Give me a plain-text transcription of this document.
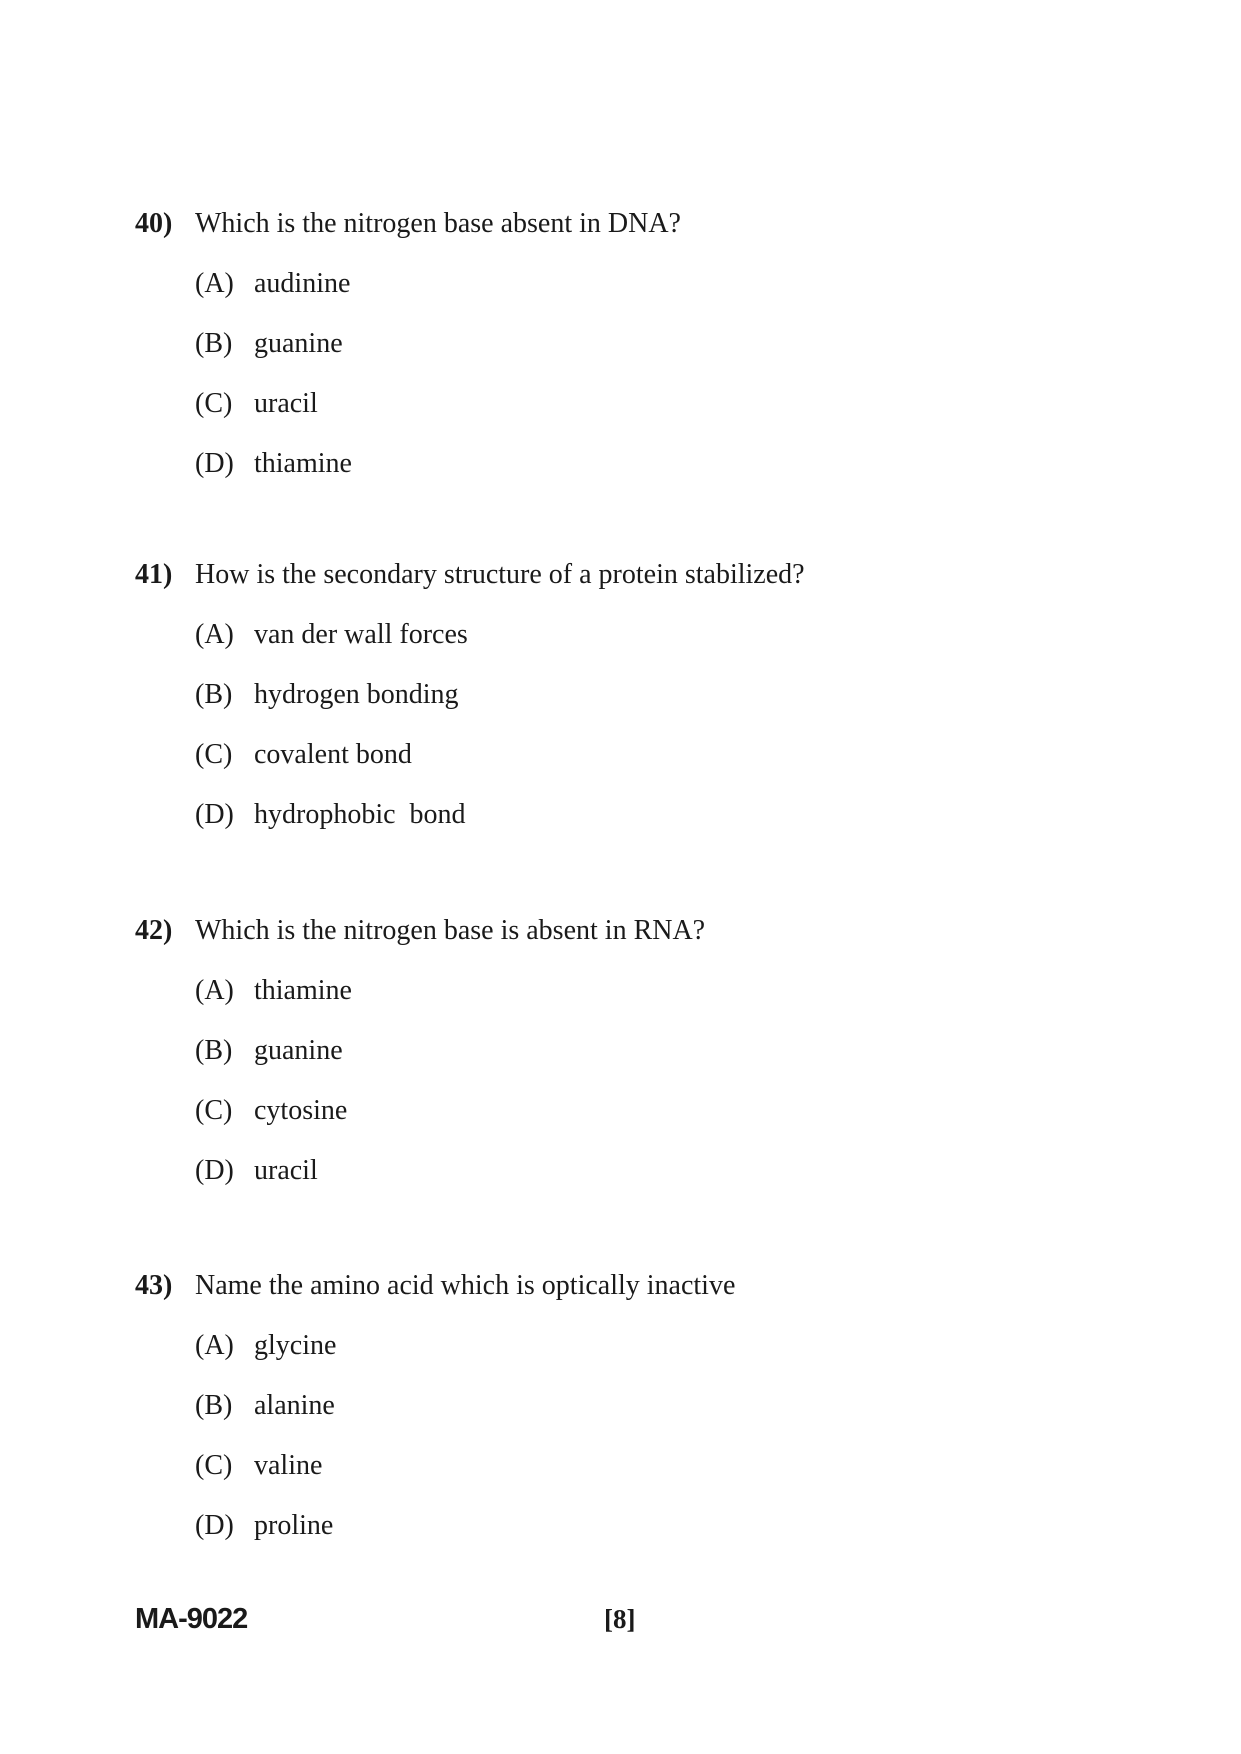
40) Which is the nitrogen base absent in DNA?
(A) audinine
(B) guanine
(C) uracil
(D) thiamine
41) How is the secondary structure of a protein stabilized?
(A) van der wall forces
(B) hydrogen bonding
(C) covalent bond
(D) hydrophobic  bond
42) Which is the nitrogen base is absent in RNA?
(A) thiamine
(B) guanine
(C) cytosine
(D) uracil
43) Name the amino acid which is optically inactive
(A) glycine
(B) alanine
(C) valine
(D) proline
MA-9022	[8]
